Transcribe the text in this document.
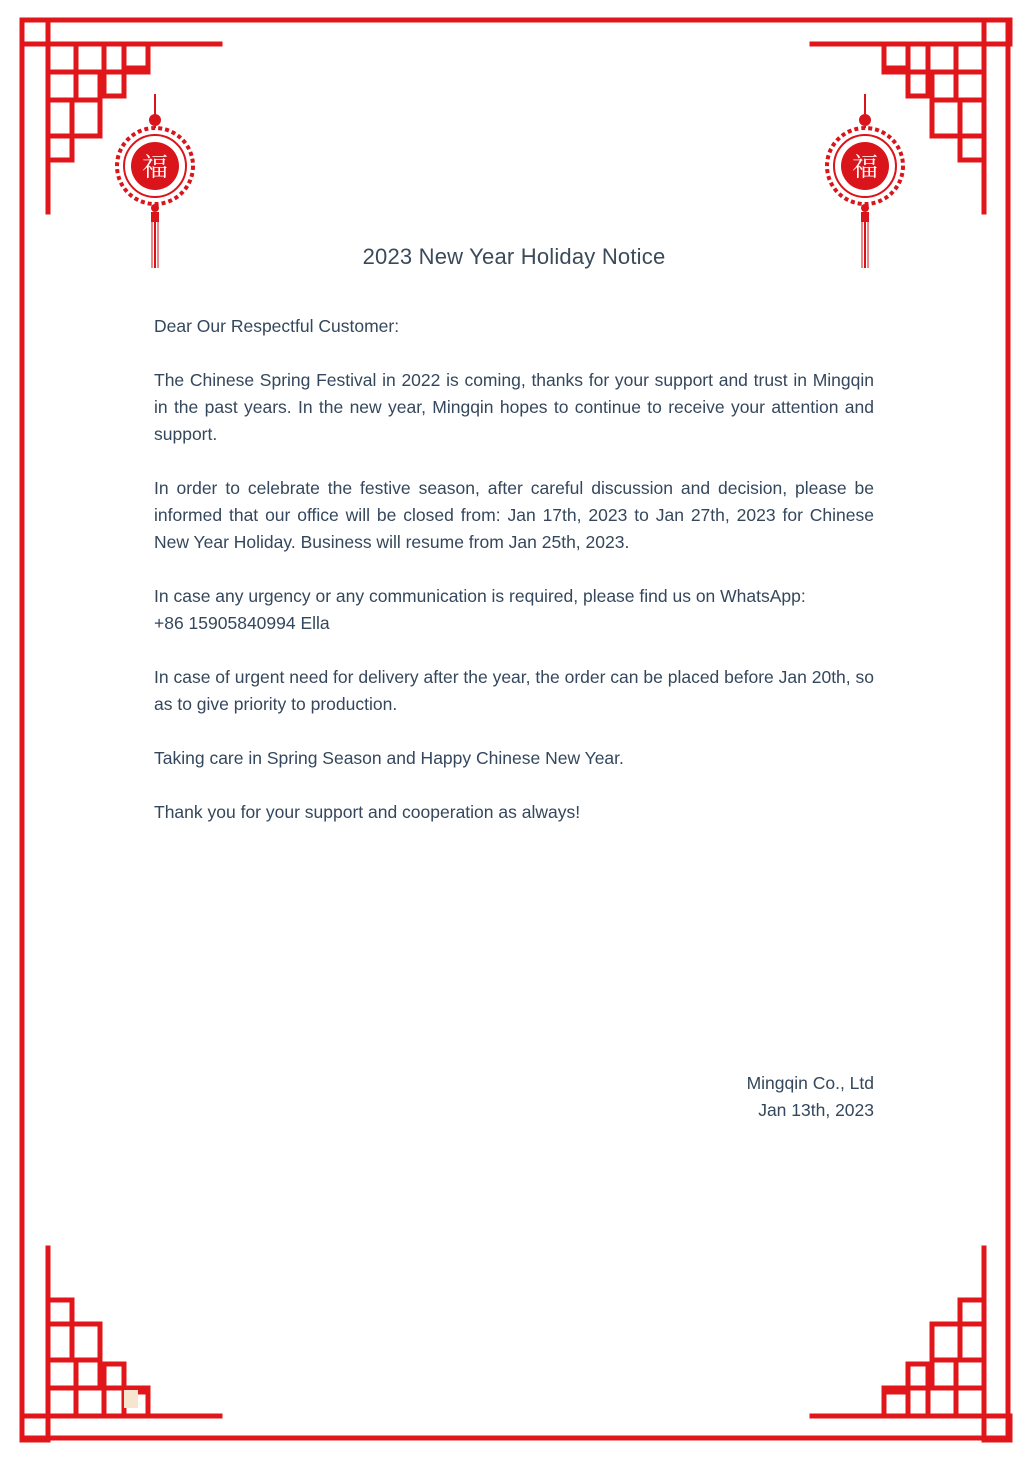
福	福
2023 New Year Holiday Notice

Dear Our Respectful Customer:

The Chinese Spring Festival in 2022 is coming, thanks for your support and trust in Mingqin in the past years. In the new year, Mingqin hopes to continue to receive your attention and support.

In order to celebrate the festive season, after careful discussion and decision, please be informed that our office will be closed from: Jan 17th, 2023 to Jan 27th, 2023 for Chinese New Year Holiday. Business will resume from Jan 25th, 2023.

In case any urgency or any communication is required, please find us on WhatsApp:

+86 15905840994 Ella

In case of urgent need for delivery after the year, the order can be placed before Jan 20th, so as to give priority to production.

Taking care in Spring Season and Happy Chinese New Year.

Thank you for your support and cooperation as always!

Mingqin Co., Ltd
Jan 13th, 2023
